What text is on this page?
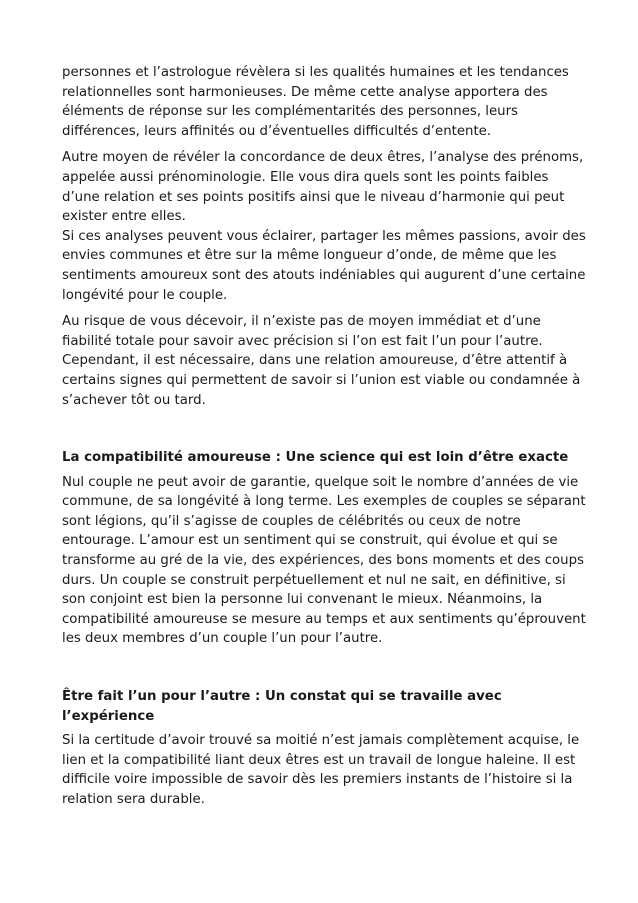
personnes et l’astrologue révèlera si les qualités humaines et les tendances
relationnelles sont harmonieuses. De même cette analyse apportera des
éléments de réponse sur les complémentarités des personnes, leurs
différences, leurs affinités ou d’éventuelles difficultés d’entente.
Autre moyen de révéler la concordance de deux êtres, l’analyse des prénoms,
appelée aussi prénominologie. Elle vous dira quels sont les points faibles
d’une relation et ses points positifs ainsi que le niveau d’harmonie qui peut
exister entre elles.
Si ces analyses peuvent vous éclairer, partager les mêmes passions, avoir des
envies communes et être sur la même longueur d’onde, de même que les
sentiments amoureux sont des atouts indéniables qui augurent d’une certaine
longévité pour le couple.
Au risque de vous décevoir, il n’existe pas de moyen immédiat et d’une
fiabilité totale pour savoir avec précision si l’on est fait l’un pour l’autre.
Cependant, il est nécessaire, dans une relation amoureuse, d’être attentif à
certains signes qui permettent de savoir si l’union est viable ou condamnée à
s’achever tôt ou tard.
La compatibilité amoureuse : Une science qui est loin d’être exacte
Nul couple ne peut avoir de garantie, quelque soit le nombre d’années de vie
commune, de sa longévité à long terme. Les exemples de couples se séparant
sont légions, qu’il s’agisse de couples de célébrités ou ceux de notre
entourage. L’amour est un sentiment qui se construit, qui évolue et qui se
transforme au gré de la vie, des expériences, des bons moments et des coups
durs. Un couple se construit perpétuellement et nul ne sait, en définitive, si
son conjoint est bien la personne lui convenant le mieux. Néanmoins, la
compatibilité amoureuse se mesure au temps et aux sentiments qu’éprouvent
les deux membres d’un couple l’un pour l’autre.
Être fait l’un pour l’autre : Un constat qui se travaille avec l’expérience
Si la certitude d’avoir trouvé sa moitié n’est jamais complètement acquise, le
lien et la compatibilité liant deux êtres est un travail de longue haleine. Il est
difficile voire impossible de savoir dès les premiers instants de l’histoire si la
relation sera durable.
